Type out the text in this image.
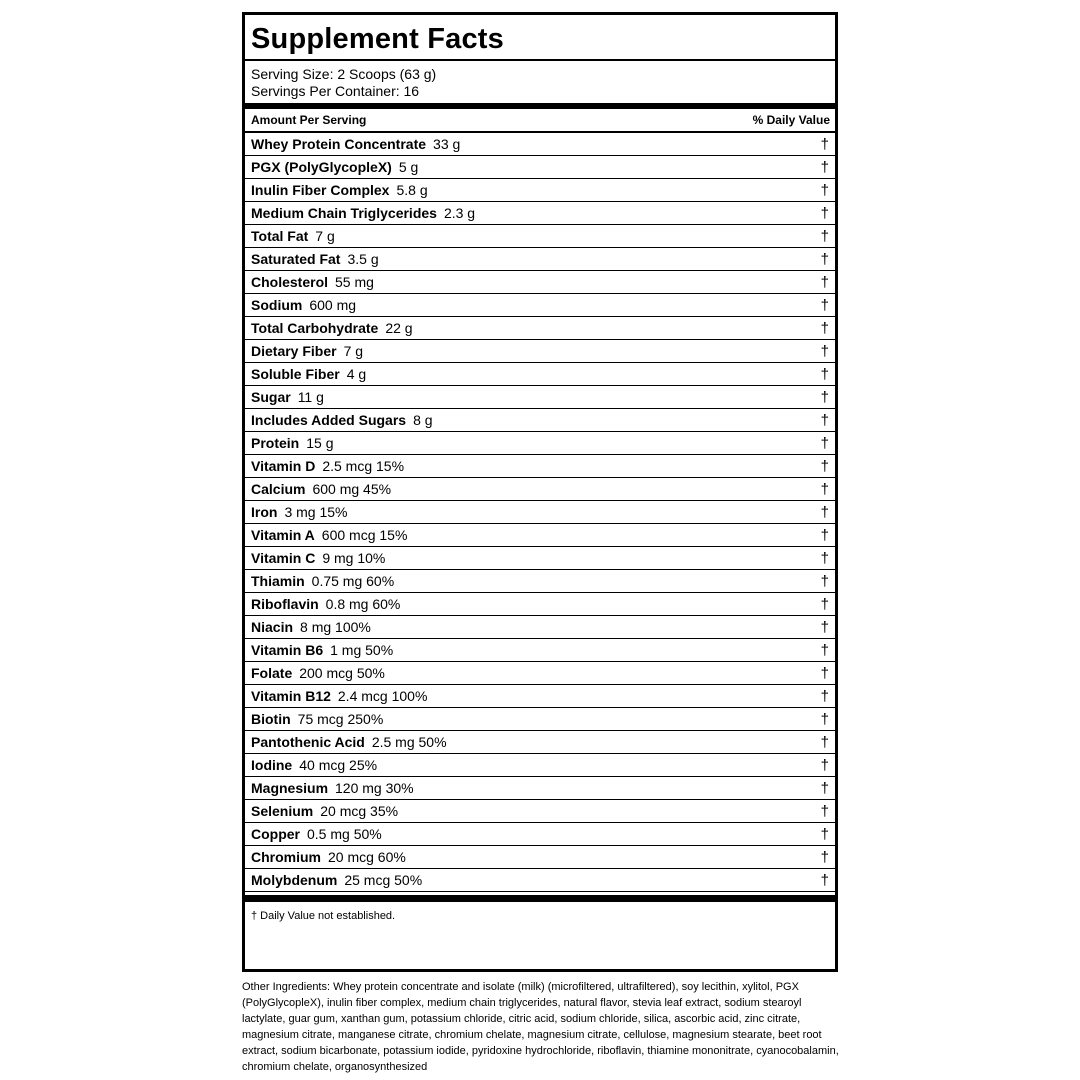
Supplement Facts
Serving Size: 2 Scoops (63 g)
Servings Per Container: 16
Amount Per Serving	% Daily Value
Whey Protein Concentrate 33 g	†
PGX (PolyGlycopleX) 5 g	†
Inulin Fiber Complex 5.8 g	†
Medium Chain Triglycerides 2.3 g	†
Total Fat 7 g	†
Saturated Fat 3.5 g	†
Cholesterol 55 mg	†
Sodium 600 mg	†
Total Carbohydrate 22 g	†
Dietary Fiber 7 g	†
Soluble Fiber 4 g	†
Sugar 11 g	†
Includes Added Sugars 8 g	†
Protein 15 g	†
Vitamin D 2.5 mcg 15%	†
Calcium 600 mg 45%	†
Iron 3 mg 15%	†
Vitamin A 600 mcg 15%	†
Vitamin C 9 mg 10%	†
Thiamin 0.75 mg 60%	†
Riboflavin 0.8 mg 60%	†
Niacin 8 mg 100%	†
Vitamin B6 1 mg 50%	†
Folate 200 mcg 50%	†
Vitamin B12 2.4 mcg 100%	†
Biotin 75 mcg 250%	†
Pantothenic Acid 2.5 mg 50%	†
Iodine 40 mcg 25%	†
Magnesium 120 mg 30%	†
Selenium 20 mcg 35%	†
Copper 0.5 mg 50%	†
Chromium 20 mcg 60%	†
Molybdenum 25 mcg 50%	†
† Daily Value not established.
Other Ingredients: Whey protein concentrate and isolate (milk) (microfiltered, ultrafiltered), soy lecithin, xylitol, PGX (PolyGlycopleX), inulin fiber complex, medium chain triglycerides, natural flavor, stevia leaf extract, sodium stearoyl lactylate, guar gum, xanthan gum, potassium chloride, citric acid, sodium chloride, silica, ascorbic acid, zinc citrate, magnesium citrate, manganese citrate, chromium chelate, magnesium citrate, cellulose, magnesium stearate, beet root extract, sodium bicarbonate, potassium iodide, pyridoxine hydrochloride, riboflavin, thiamine mononitrate, cyanocobalamin, chromium chelate, organosynthesized
